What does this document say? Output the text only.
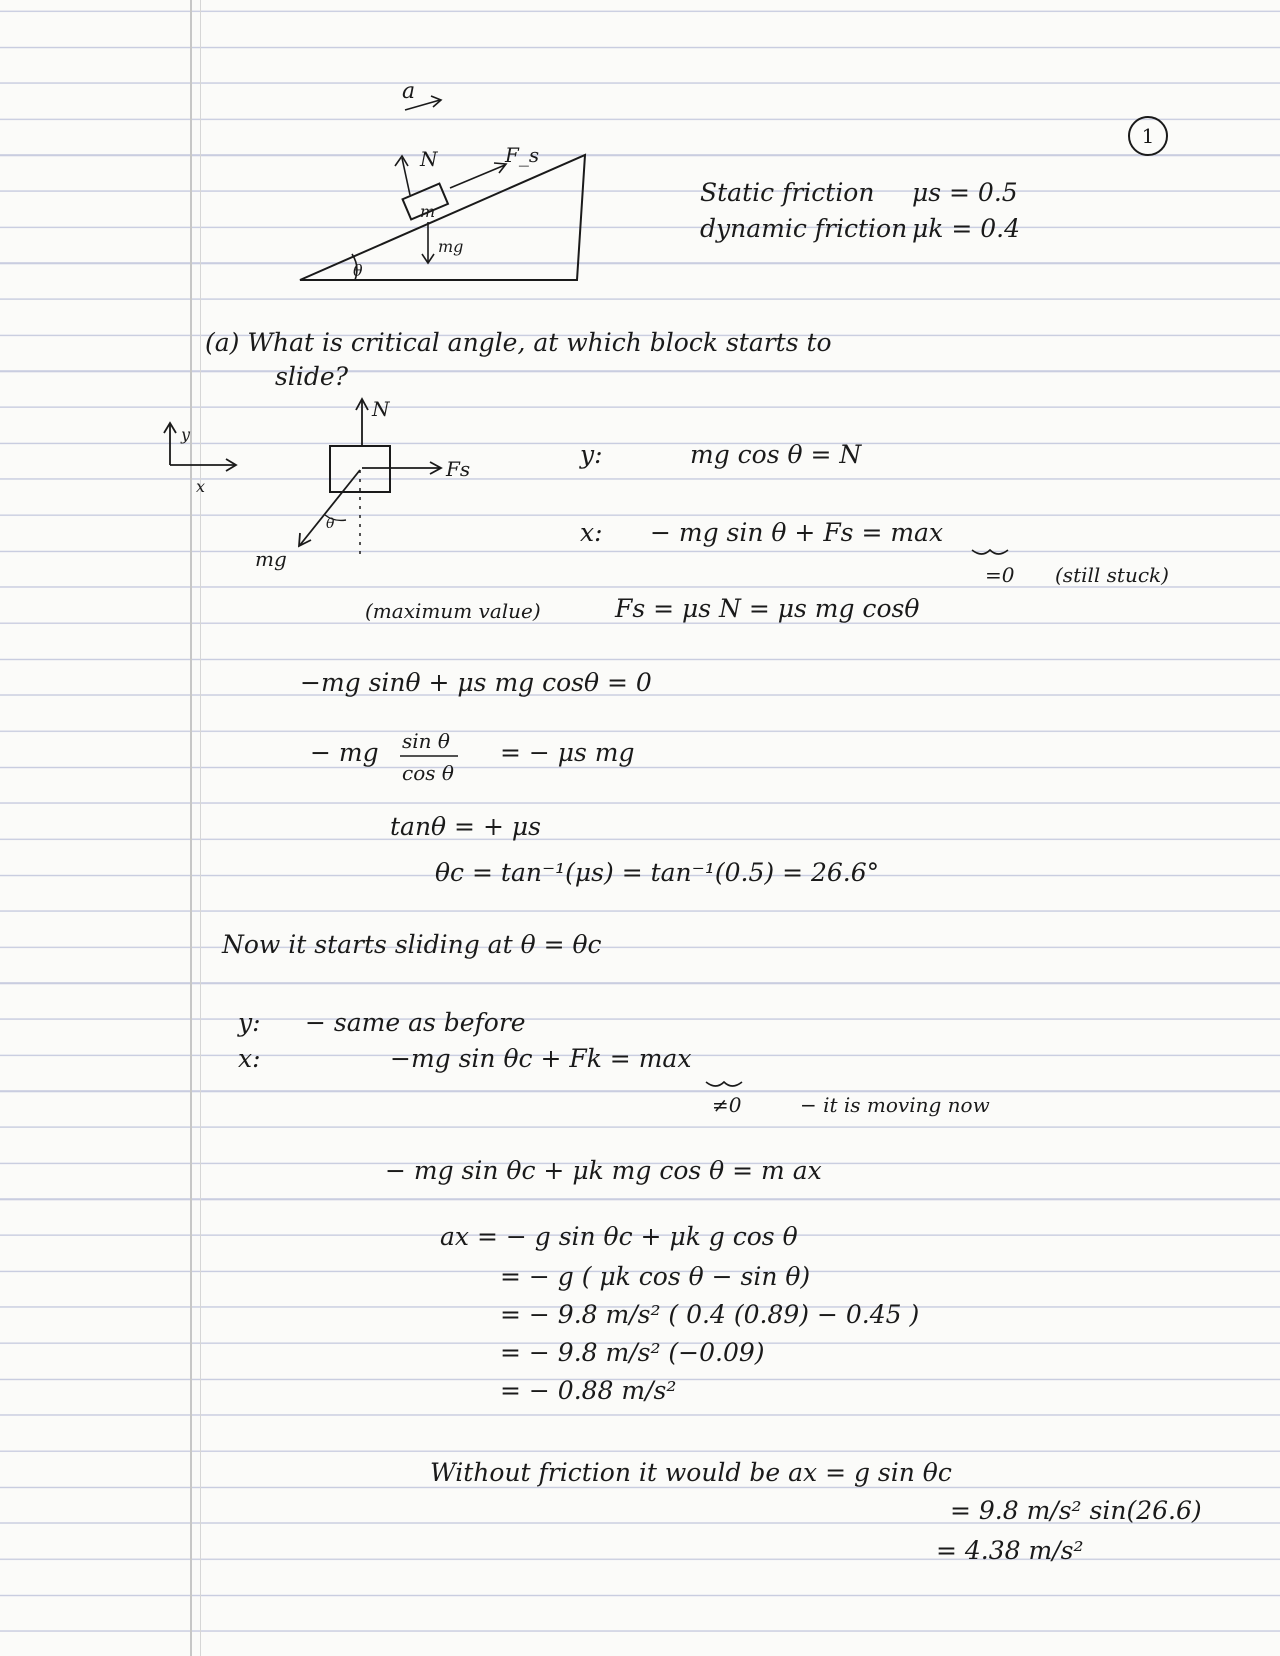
1
a
N	F_s
m
mg
θ
y
x
N
Fs
mg
θ
Static friction μs = 0.5
dynamic friction μk = 0.4
(a) What is critical angle, at which block starts to
slide?
y:	mg cos θ = N
x: − mg sin θ + Fs = max
=0 (still stuck)
(maximum value)	Fs = μs N = μs mg cosθ
−mg sinθ + μs mg cosθ = 0
− mg sin θ
cos θ
= − μs mg
tanθ = + μs
θc = tan⁻¹(μs) = tan⁻¹(0.5) = 26.6°
Now it starts sliding at θ = θc
y: − same as before
x:	−mg sin θc + Fk = max
≠0	− it is moving now
− mg sin θc + μk mg cos θ = m ax
ax = − g sin θc + μk g cos θ
= − g ( μk cos θ − sin θ)
= − 9.8 m/s² ( 0.4 (0.89) − 0.45 )
= − 9.8 m/s² (−0.09)
= − 0.88 m/s²
Without friction it would be ax = g sin θc
= 9.8 m/s² sin(26.6)
= 4.38 m/s²
